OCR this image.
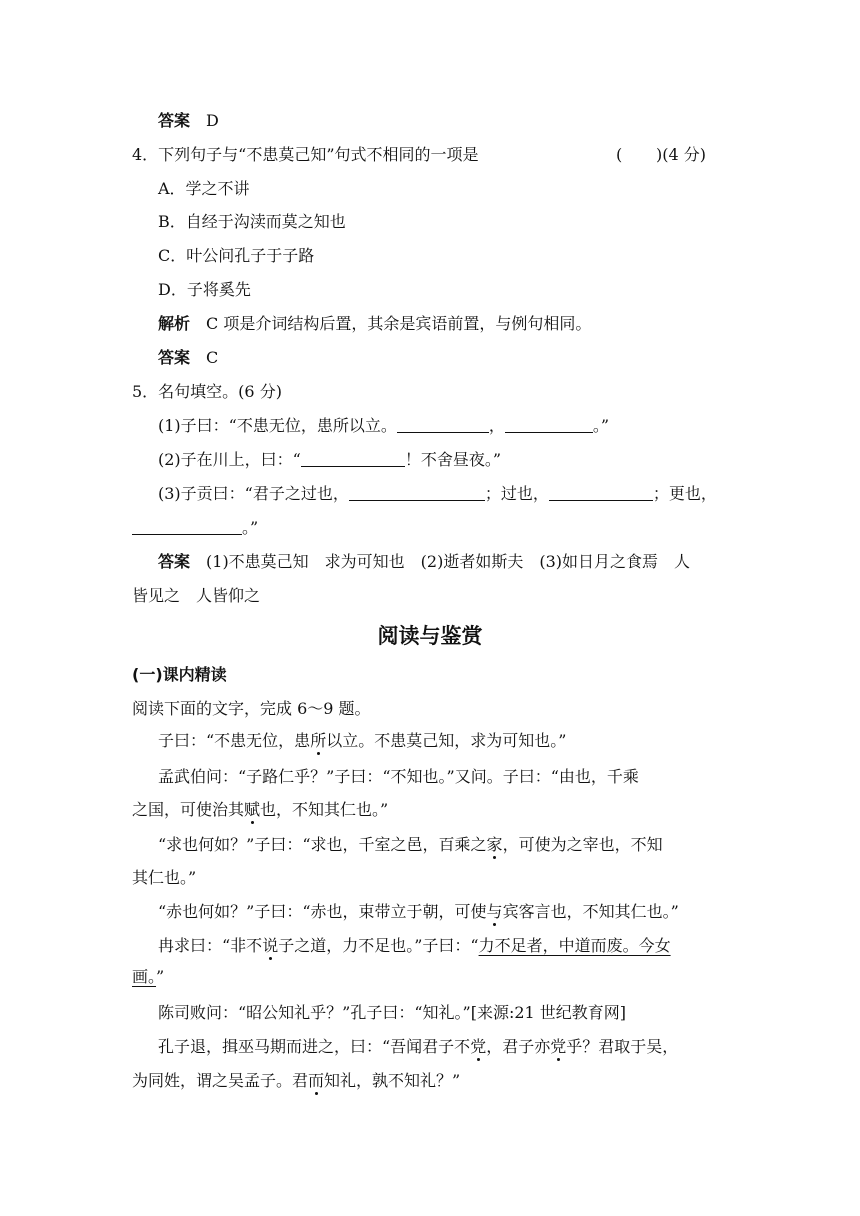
答案 D
4．下列句子与“不患莫己知”句式不相同的一项是	( )(4 分)
A．学之不讲
B．自经于沟渎而莫之知也
C．叶公问孔子于子路
D．子将奚先
解析 C 项是介词结构后置，其余是宾语前置，与例句相同。
答案 C
5．名句填空。(6 分)
(1)子曰：“不患无位，患所以立。	，	。”
(2)子在川上，曰：“	！不舍昼夜。”
(3)子贡曰：“君子之过也，	；过也，	；更也，
。”
答案 (1)不患莫己知　求为可知也　(2)逝者如斯夫　(3)如日月之食焉　人
皆见之　人皆仰之
阅读与鉴赏
(一)课内精读
阅读下面的文字，完成 6～9 题。
子曰：“不患无位，患所以立。不患莫己知，求为可知也。”
孟武伯问：“子路仁乎？”子曰：“不知也。”又问。子曰：“由也，千乘
之国，可使治其赋也，不知其仁也。”
“求也何如？”子曰：“求也，千室之邑，百乘之家，可使为之宰也，不知
其仁也。”
“赤也何如？”子曰：“赤也，束带立于朝，可使与宾客言也，不知其仁也。”
冉求曰：“非不说子之道，力不足也。”子曰：“力不足者，中道而废。今女
画。”
陈司败问：“昭公知礼乎？”孔子曰：“知礼。”[来源:21 世纪教育网]
孔子退，揖巫马期而进之，曰：“吾闻君子不党，君子亦党乎？君取于吴，
为同姓，谓之吴孟子。君而知礼，孰不知礼？”
